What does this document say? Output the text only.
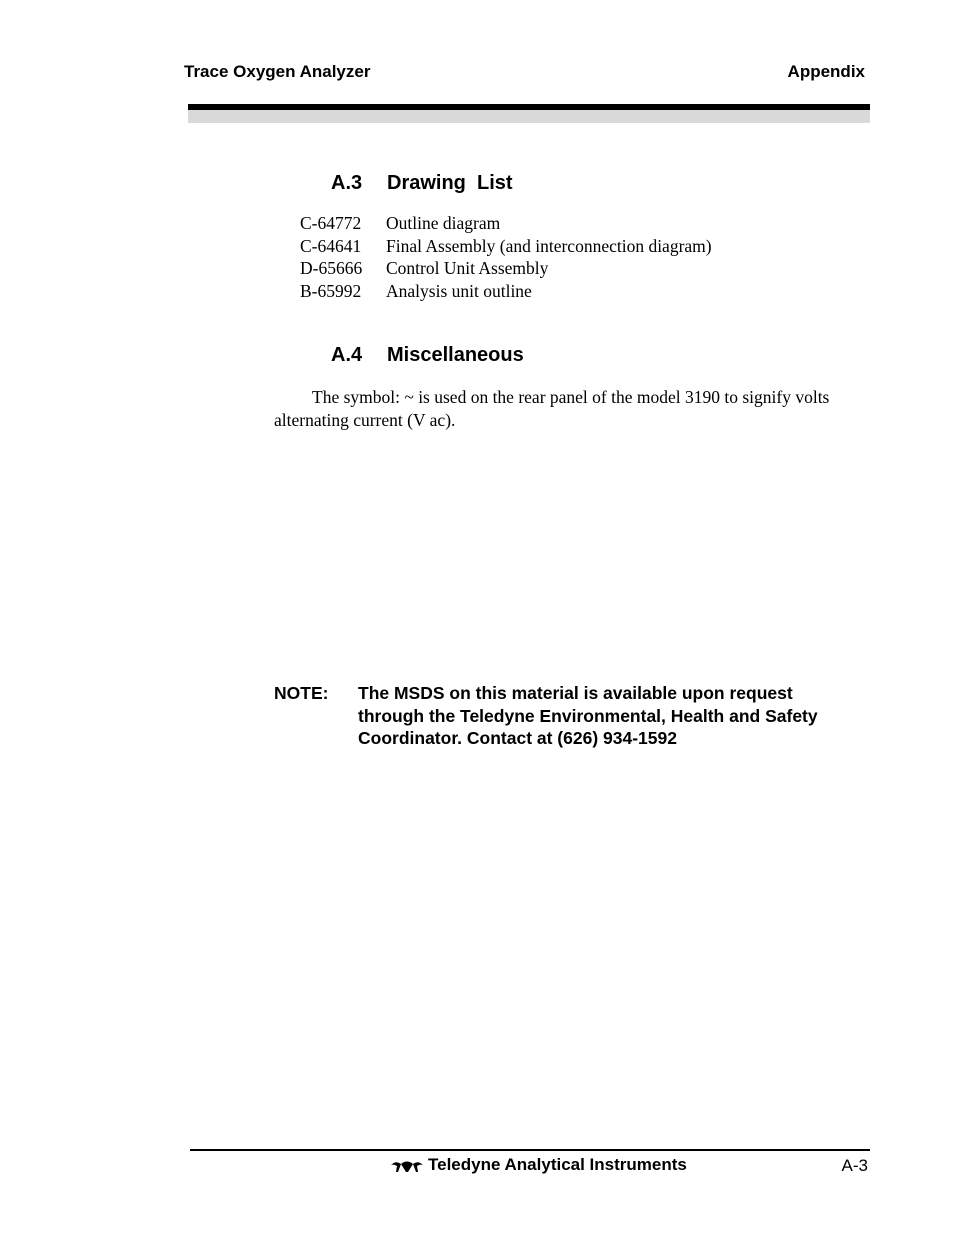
Trace Oxygen Analyzer	Appendix
A.3 Drawing  List
C-64772 Outline diagram
C-64641 Final Assembly (and interconnection diagram)
D-65666 Control Unit Assembly
B-65992 Analysis unit outline
A.4 Miscellaneous

The symbol: ~ is used on the rear panel of the model 3190 to signify volts alternating current (V ac).

NOTE:	The MSDS on this material is available upon request through the Teledyne Environmental, Health and Safety Coordinator. Contact at (626) 934-1592
Teledyne Analytical Instruments	A-3
